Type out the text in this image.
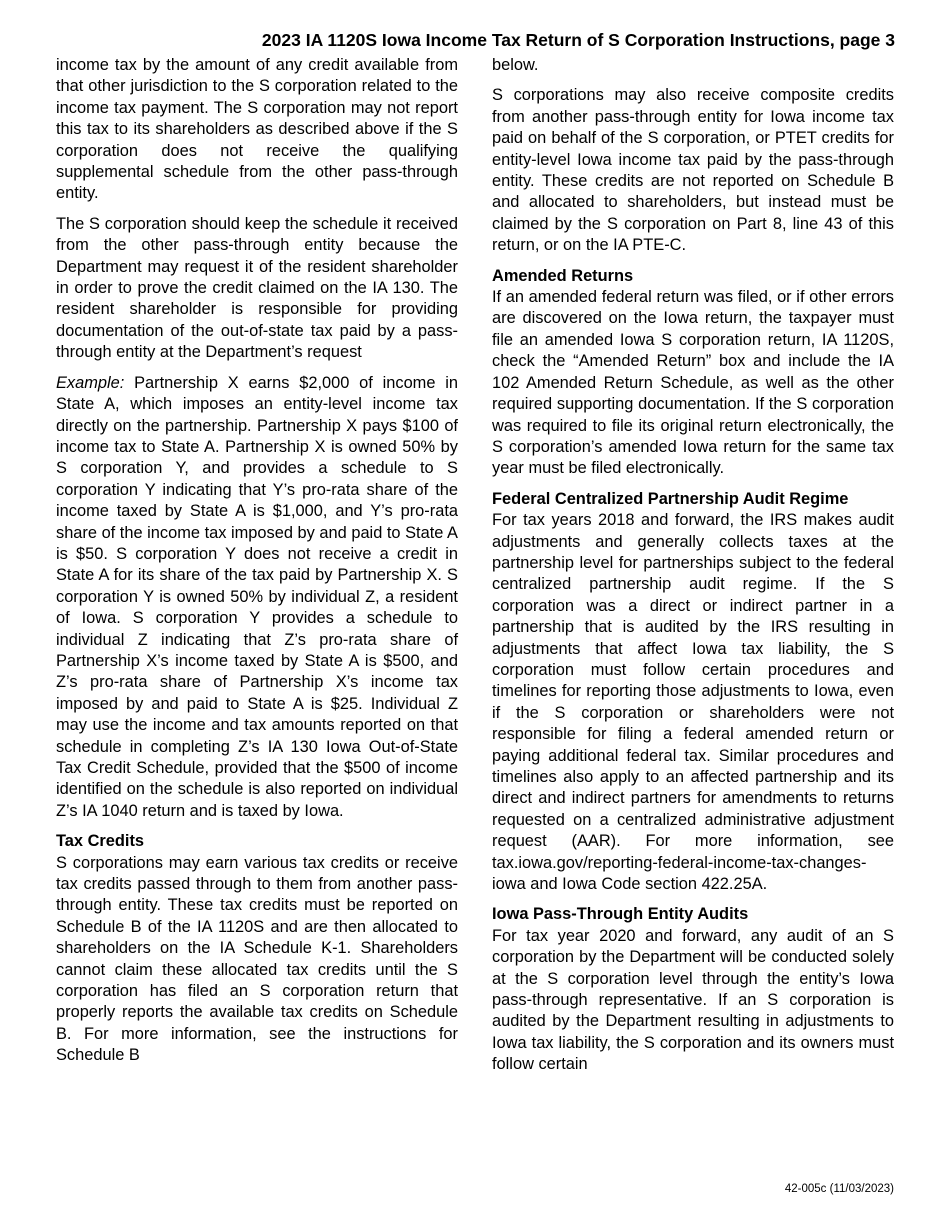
2023 IA 1120S Iowa Income Tax Return of S Corporation Instructions, page 3

income tax by the amount of any credit available from that other jurisdiction to the S corporation related to the income tax payment. The S corporation may not report this tax to its shareholders as described above if the S corporation does not receive the qualifying supplemental schedule from the other pass-through entity.

The S corporation should keep the schedule it received from the other pass-through entity because the Department may request it of the resident shareholder in order to prove the credit claimed on the IA 130. The resident shareholder is responsible for providing documentation of the out-of-state tax paid by a pass-through entity at the Department’s request

Example: Partnership X earns $2,000 of income in State A, which imposes an entity-level income tax directly on the partnership. Partnership X pays $100 of income tax to State A. Partnership X is owned 50% by S corporation Y, and provides a schedule to S corporation Y indicating that Y’s pro-rata share of the income taxed by State A is $1,000, and Y’s pro-rata share of the income tax imposed by and paid to State A is $50. S corporation Y does not receive a credit in State A for its share of the tax paid by Partnership X. S corporation Y is owned 50% by individual Z, a resident of Iowa. S corporation Y provides a schedule to individual Z indicating that Z’s pro-rata share of Partnership X’s income taxed by State A is $500, and Z’s pro-rata share of Partnership X’s income tax imposed by and paid to State A is $25. Individual Z may use the income and tax amounts reported on that schedule in completing Z’s IA 130 Iowa Out-of-State Tax Credit Schedule, provided that the $500 of income identified on the schedule is also reported on individual Z’s IA 1040 return and is taxed by Iowa.

Tax Credits

S corporations may earn various tax credits or receive tax credits passed through to them from another pass-through entity. These tax credits must be reported on Schedule B of the IA 1120S and are then allocated to shareholders on the IA Schedule K-1. Shareholders cannot claim these allocated tax credits until the S corporation has filed an S corporation return that properly reports the available tax credits on Schedule B. For more information, see the instructions for Schedule B

below.

S corporations may also receive composite credits from another pass-through entity for Iowa income tax paid on behalf of the S corporation, or PTET credits for entity-level Iowa income tax paid by the pass-through entity. These credits are not reported on Schedule B and allocated to shareholders, but instead must be claimed by the S corporation on Part 8, line 43 of this return, or on the IA PTE-C.

Amended Returns

If an amended federal return was filed, or if other errors are discovered on the Iowa return, the taxpayer must file an amended Iowa S corporation return, IA 1120S, check the “Amended Return” box and include the IA 102 Amended Return Schedule, as well as the other required supporting documentation. If the S corporation was required to file its original return electronically, the S corporation’s amended Iowa return for the same tax year must be filed electronically.

Federal Centralized Partnership Audit Regime

For tax years 2018 and forward, the IRS makes audit adjustments and generally collects taxes at the partnership level for partnerships subject to the federal centralized partnership audit regime. If the S corporation was a direct or indirect partner in a partnership that is audited by the IRS resulting in adjustments that affect Iowa tax liability, the S corporation must follow certain procedures and timelines for reporting those adjustments to Iowa, even if the S corporation or shareholders were not responsible for filing a federal amended return or paying additional federal tax. Similar procedures and timelines also apply to an affected partnership and its direct and indirect partners for amendments to returns requested on a centralized administrative adjustment request (AAR). For more information, see tax.iowa.gov/reporting-federal-income-tax-changes-iowa and Iowa Code section 422.25A.

Iowa Pass-Through Entity Audits

For tax year 2020 and forward, any audit of an S corporation by the Department will be conducted solely at the S corporation level through the entity’s Iowa pass-through representative. If an S corporation is audited by the Department resulting in adjustments to Iowa tax liability, the S corporation and its owners must follow certain

42-005c (11/03/2023)
